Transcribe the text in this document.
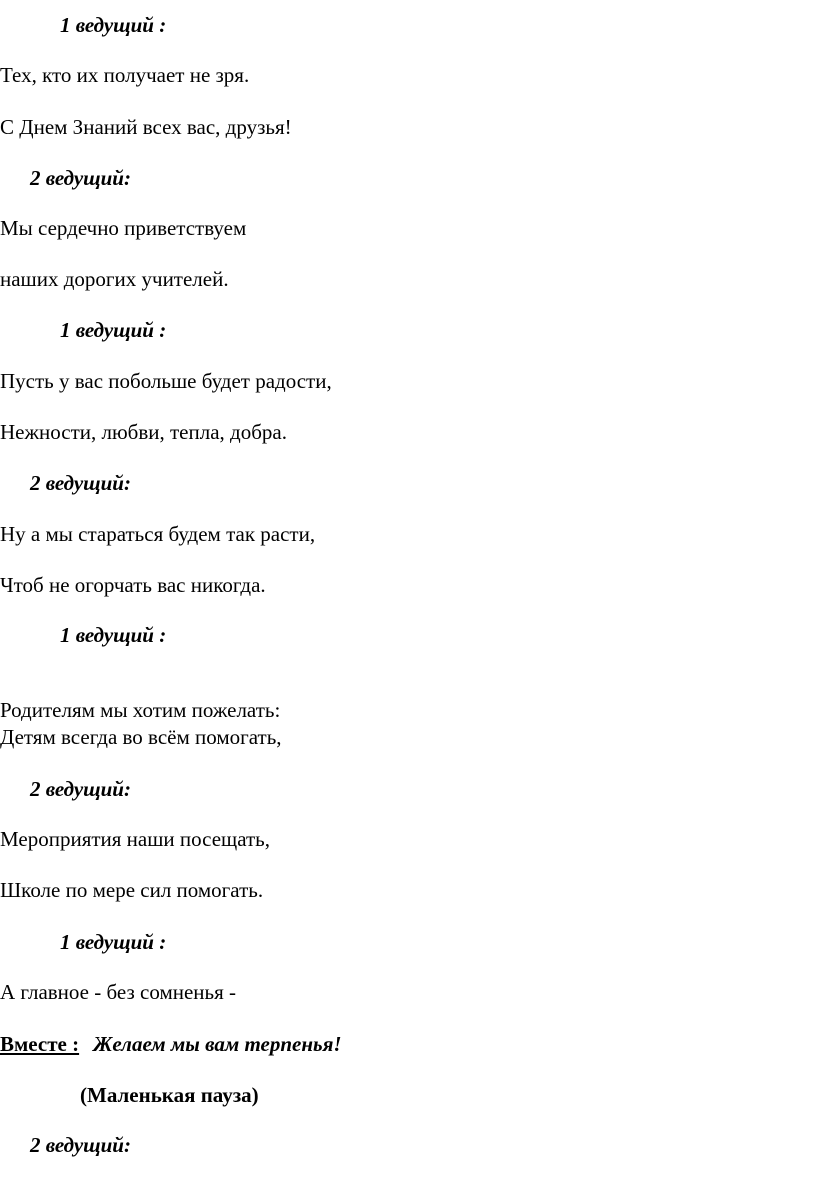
1 ведущий :
Тех, кто их получает не зря.
С Днем Знаний всех вас, друзья!
2 ведущий:
Мы сердечно приветствуем
наших дорогих учителей.
1 ведущий :
Пусть у вас побольше будет радости,
Нежности, любви, тепла, добра.
2 ведущий:
Ну а мы стараться будем так расти,
Чтоб не огорчать вас никогда.
1 ведущий :
Родителям мы хотим пожелать:
Детям всегда во всём помогать,
2 ведущий:
Мероприятия наши посещать,
Школе по мере сил помогать.
1 ведущий :
А главное - без сомненья -
Вместе : Желаем мы вам терпенья!
(Маленькая пауза)
2 ведущий:
